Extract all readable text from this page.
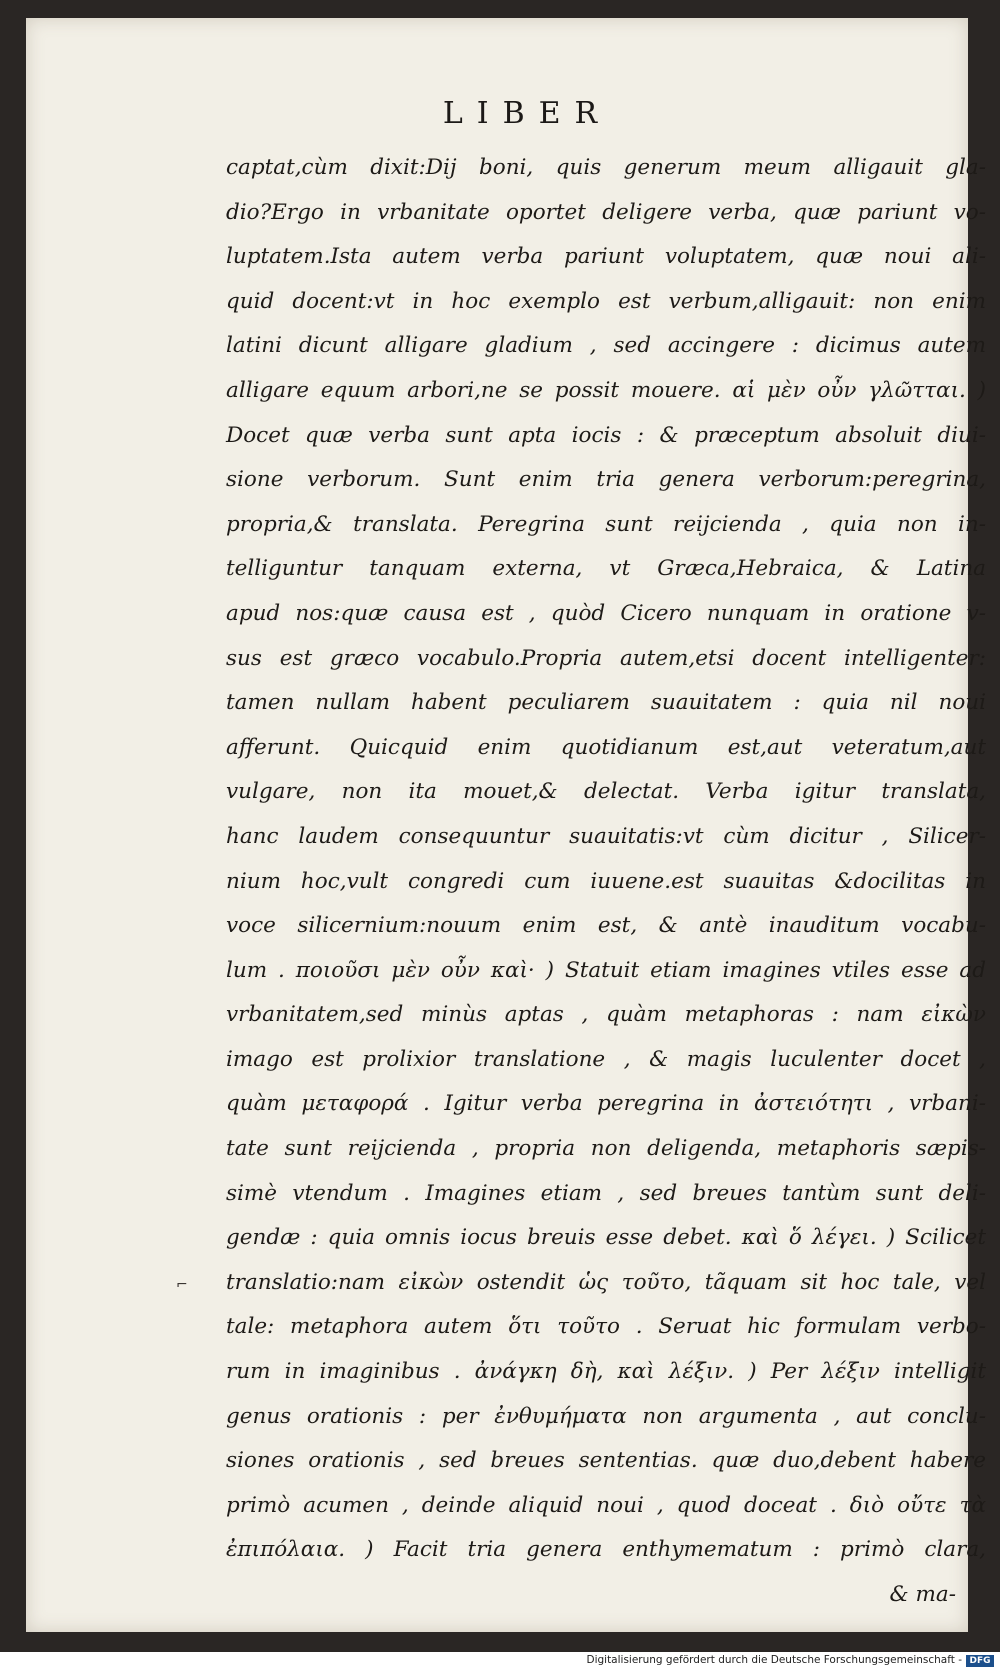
LIBER
captat,cùm dixit:Dij boni, quis generum meum alligauit gla-
dio?Ergo in vrbanitate oportet deligere verba, quæ pariunt vo-
luptatem.Ista autem verba pariunt voluptatem, quæ noui ali-
quid docent:vt in hoc exemplo est verbum,alligauit: non enim
latini dicunt alligare gladium , sed accingere : dicimus autem
alligare equum arbori,ne se possit mouere. αἱ μὲν οὖν γλῶτται. )
Docet quæ verba sunt apta iocis : & præceptum absoluit diui-
sione verborum. Sunt enim tria genera verborum:peregrina,
propria,& translata. Peregrina sunt reijcienda , quia non in-
telliguntur tanquam externa, vt Græca,Hebraica, & Latina
apud nos:quæ causa est , quòd Cicero nunquam in oratione v-
sus est græco vocabulo.Propria autem,etsi docent intelligenter:
tamen nullam habent peculiarem suauitatem : quia nil noui
afferunt. Quicquid enim quotidianum est,aut veteratum,aut
vulgare, non ita mouet,& delectat. Verba igitur translata,
hanc laudem consequuntur suauitatis:vt cùm dicitur , Silicer-
nium hoc,vult congredi cum iuuene.est suauitas &docilitas in
voce silicernium:nouum enim est, & antè inauditum vocabu-
lum . ποιοῦσι μὲν οὖν καὶ· ) Statuit etiam imagines vtiles esse ad
vrbanitatem,sed minùs aptas , quàm metaphoras : nam εἰκὼν
imago est prolixior translatione , & magis luculenter docet ,
quàm μεταφορά . Igitur verba peregrina in ἀστειότητι , vrbani-
tate sunt reijcienda , propria non deligenda, metaphoris sæpis-
simè vtendum . Imagines etiam , sed breues tantùm sunt deli-
gendæ : quia omnis iocus breuis esse debet. καὶ ὅ λέγει. ) Scilicet
translatio:nam εἰκὼν ostendit ὡς τοῦτο, tãquam sit hoc tale, vel
tale: metaphora autem ὅτι τοῦτο . Seruat hic formulam verbo-
rum in imaginibus . ἀνάγκη δὴ, καὶ λέξιν. ) Per λέξιν intelligit
genus orationis : per ἐνθυμήματα non argumenta , aut conclu-
siones orationis , sed breues sententias. quæ duo,debent habere
primò acumen , deinde aliquid noui , quod doceat . διὸ οὔτε τὰ
ἐπιπόλαια. ) Facit tria genera enthymematum : primò clara,
& ma-
⌐
Digitalisierung gefördert durch die Deutsche Forschungsgemeinschaft - DFG
